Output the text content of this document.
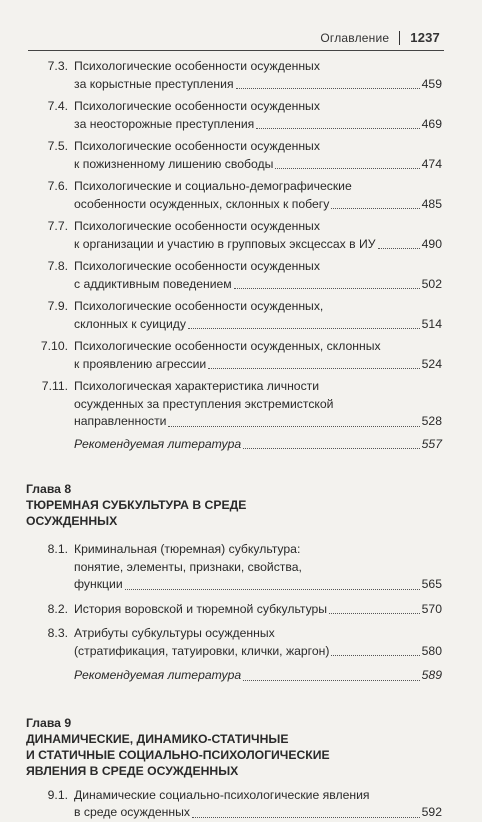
Оглавление 1237
7.3. Психологические особенности осужденных
за корыстные преступления	459
7.4. Психологические особенности осужденных
за неосторожные преступления	469
7.5. Психологические особенности осужденных
к пожизненному лишению свободы	474
7.6. Психологические и социально-демографические
особенности осужденных, склонных к побегу	485
7.7. Психологические особенности осужденных
к организации и участию в групповых эксцессах в ИУ	490
7.8. Психологические особенности осужденных
с аддиктивным поведением	502
7.9. Психологические особенности осужденных,
склонных к суициду	514
7.10. Психологические особенности осужденных, склонных
к проявлению агрессии	524
7.11. Психологическая характеристика личности
осужденных за преступления экстремистской
направленности	528
Рекомендуемая литература	557
Глава 8
ТЮРЕМНАЯ СУБКУЛЬТУРА В СРЕДЕ
ОСУЖДЕННЫХ
8.1. Криминальная (тюремная) субкультура:
понятие, элементы, признаки, свойства,
функции	565
8.2. История воровской и тюремной субкультуры	570
8.3. Атрибуты субкультуры осужденных
(стратификация, татуировки, клички, жаргон)	580
Рекомендуемая литература	589
Глава 9
ДИНАМИЧЕСКИЕ, ДИНАМИКО-СТАТИЧНЫЕ
И СТАТИЧНЫЕ СОЦИАЛЬНО-ПСИХОЛОГИЧЕСКИЕ
ЯВЛЕНИЯ В СРЕДЕ ОСУЖДЕННЫХ
9.1. Динамические социально-психологические явления
в среде осужденных	592
